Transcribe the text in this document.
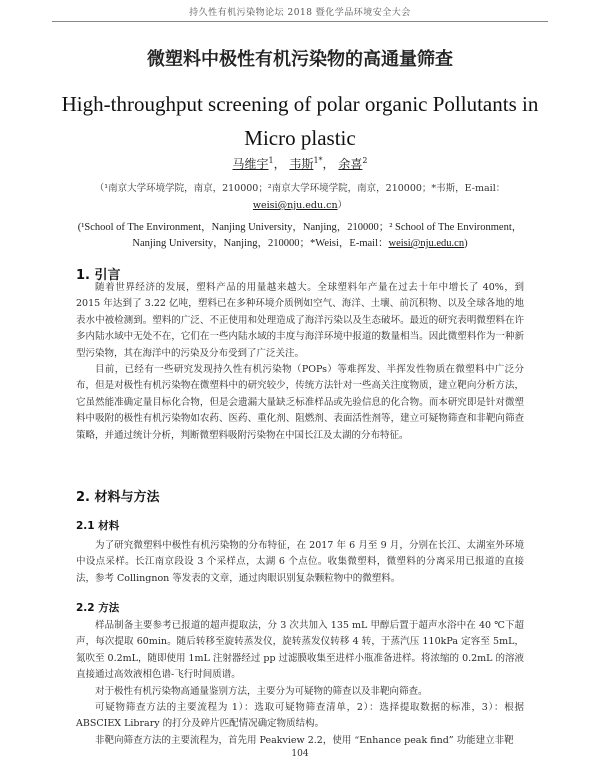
持久性有机污染物论坛 2018 暨化学品环境安全大会
微塑料中极性有机污染物的高通量筛查
High-throughput screening of polar organic Pollutants in
Micro plastic
马维宇$^1$， 韦斯$^{1*}$， 余喜$^2$
（¹南京大学环境学院，南京，210000；²南京大学环境学院，南京，210000；*韦斯，E-mail：
weisi@nju.edu.cn）
(¹School of The Environment，Nanjing University，Nanjing，210000；² School of The Environment，
Nanjing University，Nanjing，210000；*Weisi，E-mail：weisi@nju.edu.cn)
1. 引言

随着世界经济的发展，塑料产品的用量越来越大。全球塑料年产量在过去十年中增长了 40%，到 2015 年达到了 3.22 亿吨，塑料已在多种环境介质例如空气、海洋、土壤、前沉积物、以及全球各地的地表水中被检测到。塑料的广泛、不正使用和处理造成了海洋污染以及生态破坏。最近的研究表明微塑料在许多内陆水域中无处不在，它们在一些内陆水域的丰度与海洋环境中报道的数量相当。因此微塑料作为一种新型污染物，其在海洋中的污染及分布受到了广泛关注。

目前，已经有一些研究发现持久性有机污染物（POPs）等难挥发、半挥发性物质在微塑料中广泛分布，但是对极性有机污染物在微塑料中的研究较少，传统方法针对一些高关注度物质，建立靶向分析方法，它虽然能准确定量目标化合物，但是会遗漏大量缺乏标准样品或先验信息的化合物。而本研究即是针对微塑料中吸附的极性有机污染物如农药、医药、重化剂、阻燃剂、表面活性剂等，建立可疑物筛查和非靶向筛查策略，并通过统计分析，判断微塑料吸附污染物在中国长江及太湖的分布特征。

2. 材料与方法
2.1 材料

为了研究微塑料中极性有机污染物的分布特征，在 2017 年 6 月至 9 月，分别在长江、太湖室外环境中设点采样。长江南京段设 3 个采样点，太湖 6 个点位。收集微塑料，微塑料的分离采用已报道的直接法，参考 Collingnon 等发表的文章，通过肉眼识别复杂颗粒物中的微塑料。

2.2 方法

样品制备主要参考已报道的超声提取法，分 3 次共加入 135 mL 甲醇后置于超声水浴中在 40 ℃下超声，每次提取 60min。随后转移至旋转蒸发仪，旋转蒸发仪转移 4 转，于蒸汽压 110kPa 定容至 5mL，氮吹至 0.2mL，随即使用 1mL 注射器经过 pp 过滤膜收集至进样小瓶准备进样。将浓缩的 0.2mL 的溶液直接通过高效液相色谱-飞行时间质谱。

对于极性有机污染物高通量鉴别方法，主要分为可疑物的筛查以及非靶向筛查。

可疑物筛查方法的主要流程为 1）：选取可疑物筛查清单，2）：选择提取数据的标准，3）：根据 ABSCIEX Library 的打分及碎片匹配情况确定物质结构。

非靶向筛查方法的主要流程为，首先用 Peakview 2.2，使用 “Enhance peak find” 功能建立非靶

104
